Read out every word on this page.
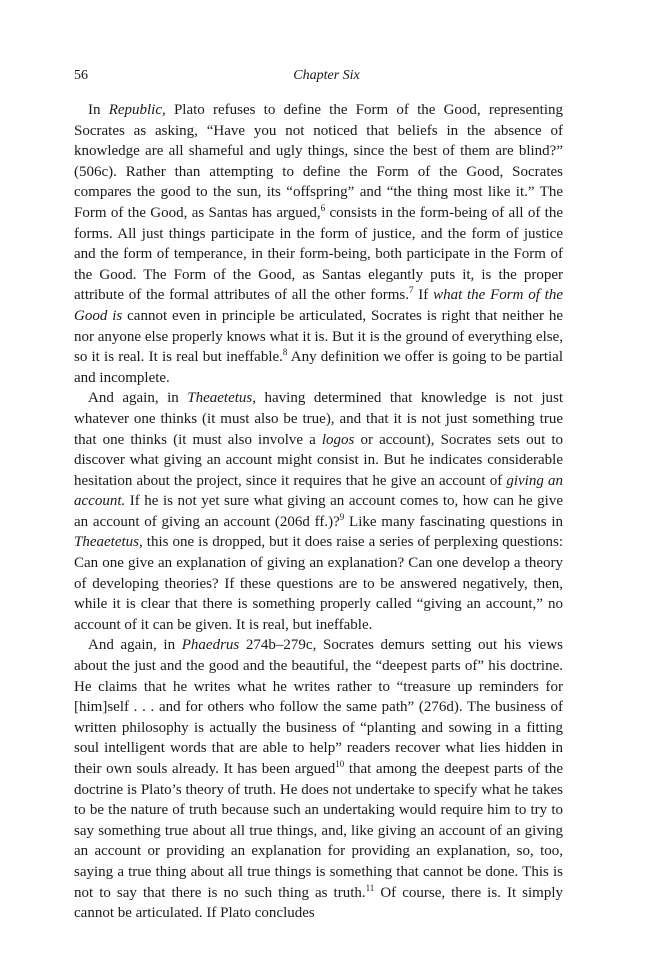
56	Chapter Six

In Republic, Plato refuses to define the Form of the Good, representing Socrates as asking, “Have you not noticed that beliefs in the absence of knowledge are all shameful and ugly things, since the best of them are blind?” (506c). Rather than attempting to define the Form of the Good, Socrates compares the good to the sun, its “offspring” and “the thing most like it.” The Form of the Good, as Santas has argued,$^6$ consists in the form-being of all of the forms. All just things participate in the form of justice, and the form of justice and the form of temperance, in their form-being, both participate in the Form of the Good. The Form of the Good, as Santas elegantly puts it, is the proper attribute of the formal attributes of all the other forms.$^7$ If what the Form of the Good is cannot even in principle be articulated, Socrates is right that neither he nor anyone else properly knows what it is. But it is the ground of everything else, so it is real. It is real but ineffable.$^8$ Any definition we offer is going to be partial and incomplete.

And again, in Theaetetus, having determined that knowledge is not just whatever one thinks (it must also be true), and that it is not just something true that one thinks (it must also involve a logos or account), Socrates sets out to discover what giving an account might consist in. But he indicates considerable hesitation about the project, since it requires that he give an account of giving an account. If he is not yet sure what giving an account comes to, how can he give an account of giving an account (206d ff.)?$^9$ Like many fascinating questions in Theaetetus, this one is dropped, but it does raise a series of perplexing questions: Can one give an explanation of giving an explanation? Can one develop a theory of developing theories? If these questions are to be answered negatively, then, while it is clear that there is something properly called “giving an account,” no account of it can be given. It is real, but ineffable.

And again, in Phaedrus 274b–279c, Socrates demurs setting out his views about the just and the good and the beautiful, the “deepest parts of” his doctrine. He claims that he writes what he writes rather to “treasure up reminders for [him]self . . . and for others who follow the same path” (276d). The business of written philosophy is actually the business of “planting and sowing in a fitting soul intelligent words that are able to help” readers recover what lies hidden in their own souls already. It has been argued$^{10}$ that among the deepest parts of the doctrine is Plato’s theory of truth. He does not undertake to specify what he takes to be the nature of truth because such an undertaking would require him to try to say something true about all true things, and, like giving an account of an giving an account or providing an explanation for providing an explanation, so, too, saying a true thing about all true things is something that cannot be done. This is not to say that there is no such thing as truth.$^{11}$ Of course, there is. It simply cannot be articulated. If Plato concludes
